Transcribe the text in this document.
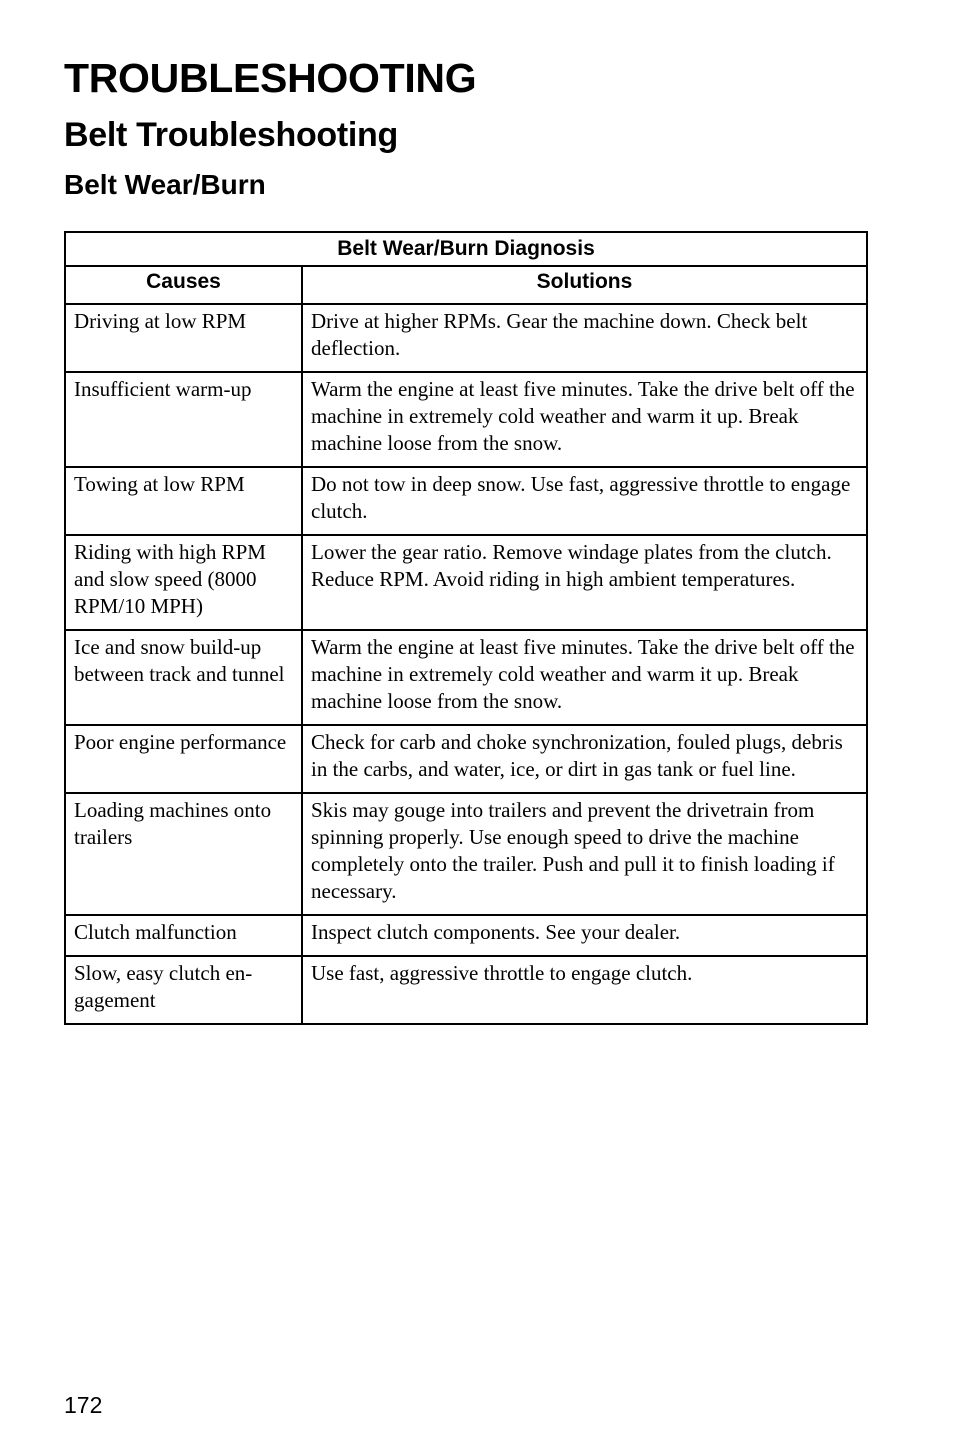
TROUBLESHOOTING
Belt Troubleshooting
Belt Wear/Burn
Belt Wear/Burn Diagnosis	
Causes	Solutions
Driving at low RPM	Drive at higher RPMs. Gear the machine down. Check belt deflection.
Insufficient warm-up	Warm the engine at least five minutes. Take the drive belt off the machine in extremely cold weather and warm it up. Break machine loose from the snow.
Towing at low RPM	Do not tow in deep snow. Use fast, aggressive throttle to engage clutch.
Riding with high RPM and slow speed (8000 RPM/10 MPH)	Lower the gear ratio. Remove windage plates from the clutch. Reduce RPM. Avoid riding in high ambient temperatures.
Ice and snow build-up between track and tunnel	Warm the engine at least five minutes. Take the drive belt off the machine in extremely cold weather and warm it up. Break machine loose from the snow.
Poor engine performance	Check for carb and choke synchronization, fouled plugs, debris in the carbs, and water, ice, or dirt in gas tank or fuel line.
Loading machines onto trailers	Skis may gouge into trailers and prevent the drivetrain from spinning properly. Use enough speed to drive the machine completely onto the trailer. Push and pull it to finish loading if necessary.
Clutch malfunction	Inspect clutch components. See your dealer.
Slow, easy clutch en-gagement	Use fast, aggressive throttle to engage clutch.
172
